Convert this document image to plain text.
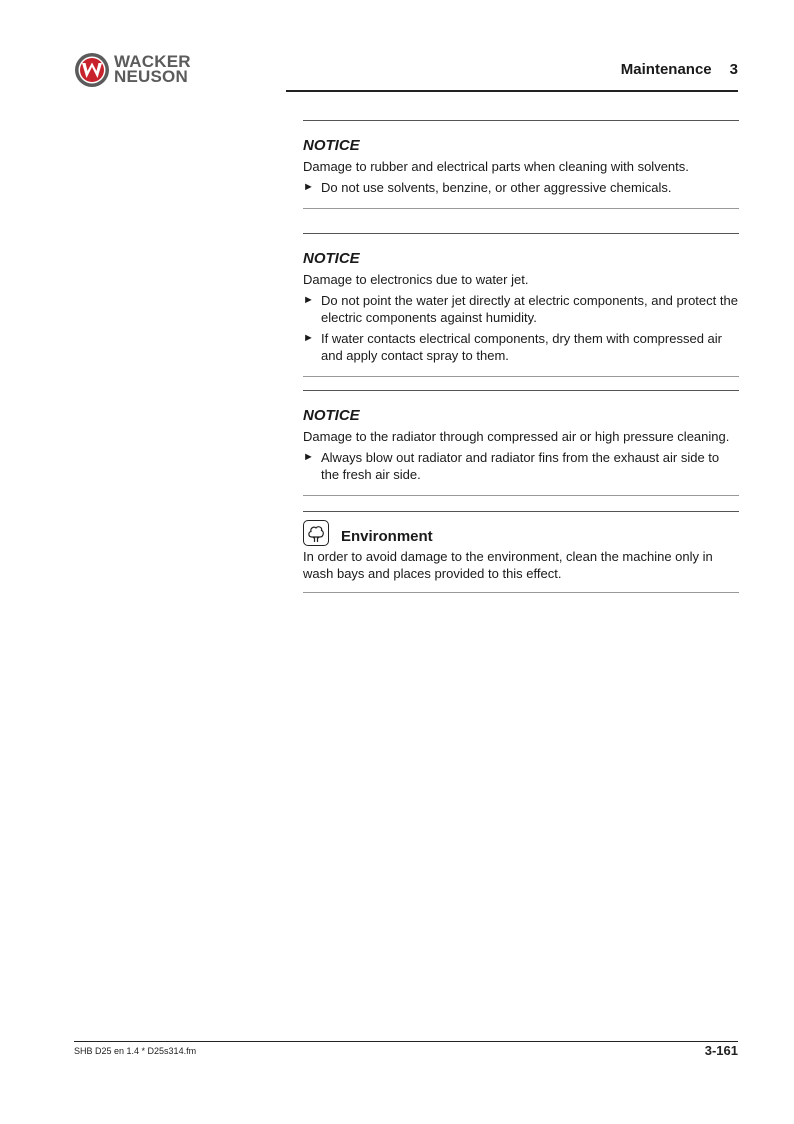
WACKER
NEUSON	Maintenance 3
NOTICE

Damage to rubber and electrical parts when cleaning with solvents.

► Do not use solvents, benzine, or other aggressive chemicals.
NOTICE

Damage to electronics due to water jet.

► Do not point the water jet directly at electric components, and protect the electric components against humidity.
► If water contacts electrical components, dry them with compressed air and apply contact spray to them.
NOTICE

Damage to the radiator through compressed air or high pressure cleaning.

► Always blow out radiator and radiator fins from the exhaust air side to the fresh air side.
Environment

In order to avoid damage to the environment, clean the machine only in wash bays and places provided to this effect.

SHB D25 en 1.4 * D25s314.fm	3-161
